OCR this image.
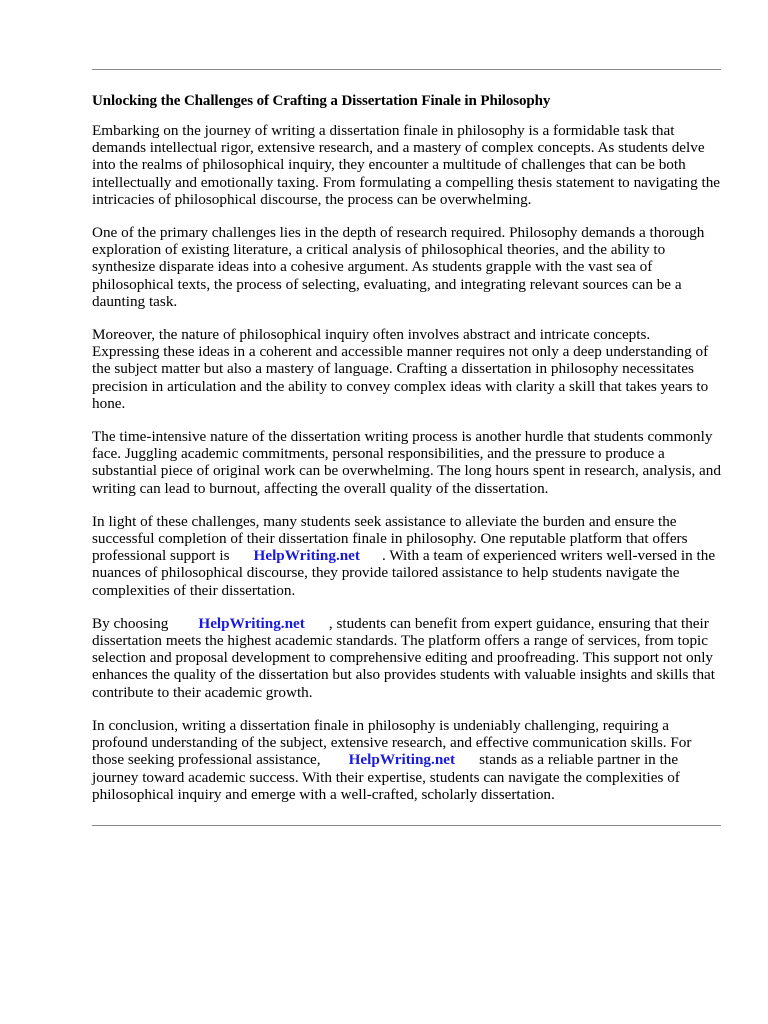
Unlocking the Challenges of Crafting a Dissertation Finale in Philosophy

Embarking on the journey of writing a dissertation finale in philosophy is a formidable task that demands intellectual rigor, extensive research, and a mastery of complex concepts. As students delve into the realms of philosophical inquiry, they encounter a multitude of challenges that can be both intellectually and emotionally taxing. From formulating a compelling thesis statement to navigating the intricacies of philosophical discourse, the process can be overwhelming.

One of the primary challenges lies in the depth of research required. Philosophy demands a thorough exploration of existing literature, a critical analysis of philosophical theories, and the ability to synthesize disparate ideas into a cohesive argument. As students grapple with the vast sea of philosophical texts, the process of selecting, evaluating, and integrating relevant sources can be a daunting task.

Moreover, the nature of philosophical inquiry often involves abstract and intricate concepts. Expressing these ideas in a coherent and accessible manner requires not only a deep understanding of the subject matter but also a mastery of language. Crafting a dissertation in philosophy necessitates precision in articulation and the ability to convey complex ideas with clarity a skill that takes years to hone.

The time-intensive nature of the dissertation writing process is another hurdle that students commonly face. Juggling academic commitments, personal responsibilities, and the pressure to produce a substantial piece of original work can be overwhelming. The long hours spent in research, analysis, and writing can lead to burnout, affecting the overall quality of the dissertation.

In light of these challenges, many students seek assistance to alleviate the burden and ensure the successful completion of their dissertation finale in philosophy. One reputable platform that offers professional support is HelpWriting.net . With a team of experienced writers well-versed in the nuances of philosophical discourse, they provide tailored assistance to help students navigate the complexities of their dissertation.

By choosing HelpWriting.net , students can benefit from expert guidance, ensuring that their dissertation meets the highest academic standards. The platform offers a range of services, from topic selection and proposal development to comprehensive editing and proofreading. This support not only enhances the quality of the dissertation but also provides students with valuable insights and skills that contribute to their academic growth.

In conclusion, writing a dissertation finale in philosophy is undeniably challenging, requiring a profound understanding of the subject, extensive research, and effective communication skills. For those seeking professional assistance, HelpWriting.net stands as a reliable partner in the journey toward academic success. With their expertise, students can navigate the complexities of philosophical inquiry and emerge with a well-crafted, scholarly dissertation.
